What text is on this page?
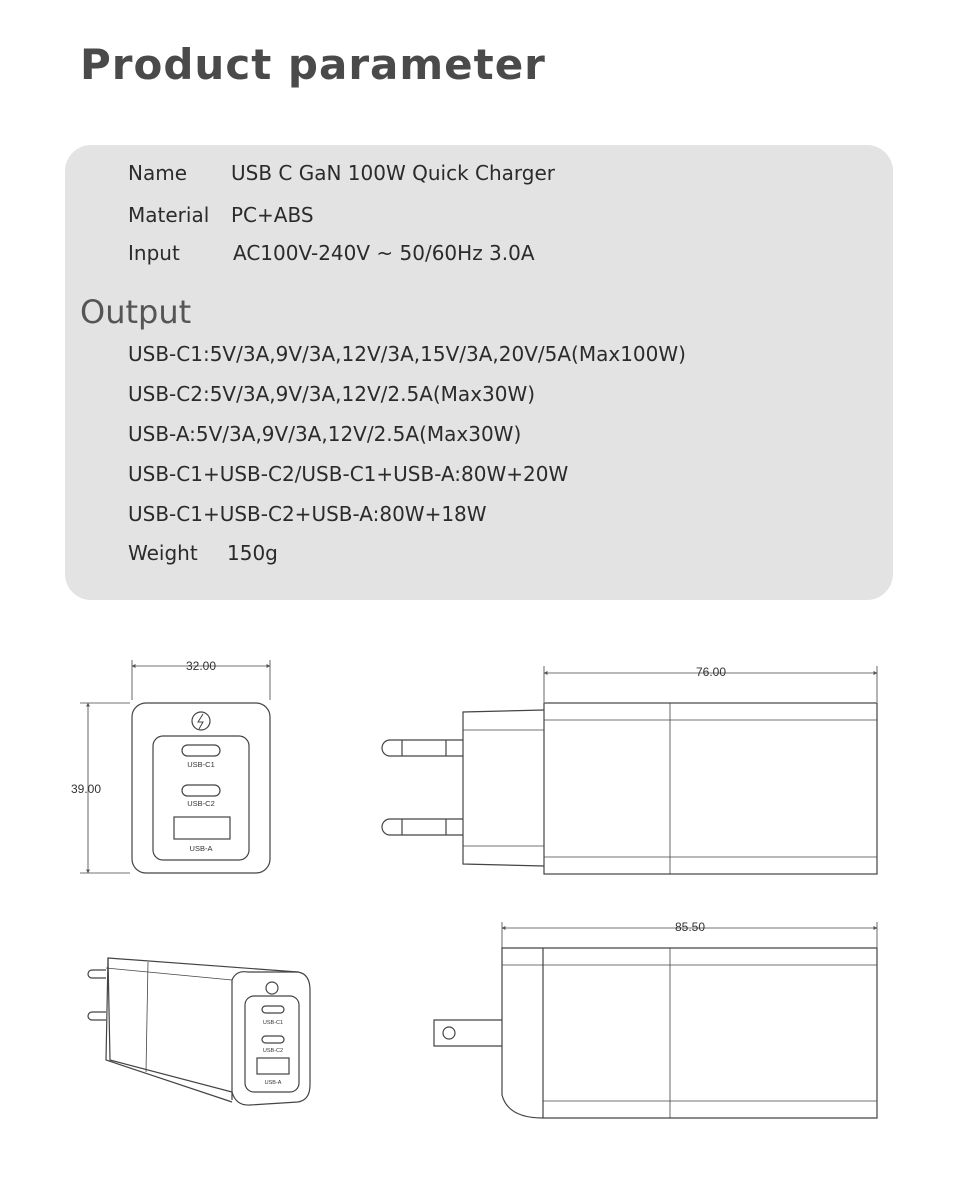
Product parameter
Name USB C GaN 100W Quick Charger
Material PC+ABS
Input	AC100V-240V ~ 50/60Hz 3.0A
Output
USB-C1:5V/3A,9V/3A,12V/3A,15V/3A,20V/5A(Max100W)
USB-C2:5V/3A,9V/3A,12V/2.5A(Max30W)
USB-A:5V/3A,9V/3A,12V/2.5A(Max30W)
USB-C1+USB-C2/USB-C1+USB-A:80W+20W
USB-C1+USB-C2+USB-A:80W+18W
Weight 150g
32.00
39.00
USB-C1
USB-C2
USB-A
76.00
85.50
USB-C1
USB-C2
USB-A
